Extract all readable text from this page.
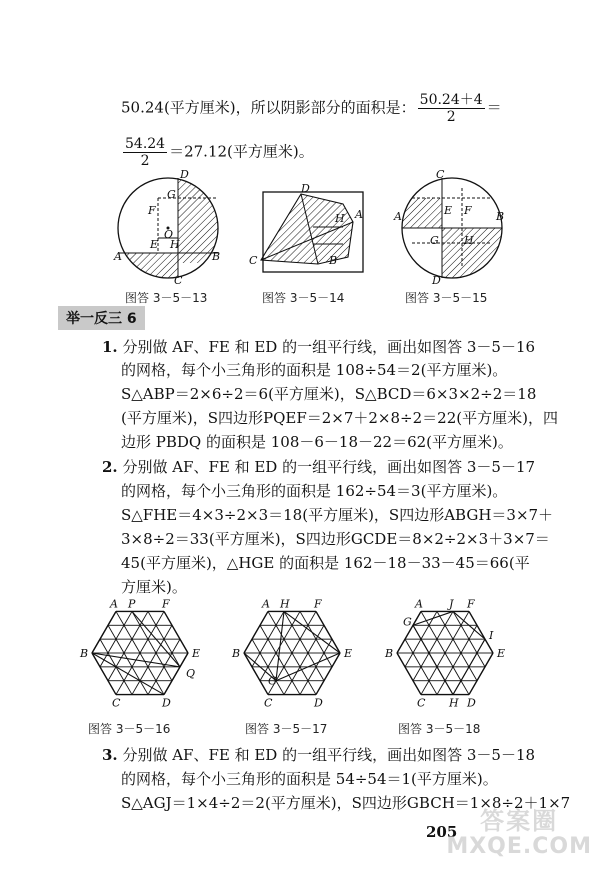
50.24(平方厘米)，所以阴影部分的面积是： $\frac{50.24+4}{2}$ ＝
$\frac{54.24}{2} =27.12$(平方厘米)。
D
F
G
O
E H
A	B
C
图答 3－5－13
D
A
C	B
H
图答 3－5－14
C
A	E F
G H
B
D
图答 3－5－15
举一反三 6
1. 分别做 AF、FE 和 ED 的一组平行线，画出如图答 3－5－16
的网格，每个小三角形的面积是 108÷54＝2(平方厘米)。
S△ABP＝2×6÷2＝6(平方厘米)，S△BCD＝6×3×2÷2＝18
(平方厘米)，S四边形PQEF＝2×7＋2×8÷2＝22(平方厘米)，四
边形 PBDQ 的面积是 108－6－18－22＝62(平方厘米)。
2. 分别做 AF、FE 和 ED 的一组平行线，画出如图答 3－5－17
的网格，每个小三角形的面积是 162÷54＝3(平方厘米)。
S△FHE＝4×3÷2×3＝18(平方厘米)，S四边形ABGH＝3×7＋
3×8÷2＝33(平方厘米)，S四边形GCDE＝8×2÷2×3＋3×7＝
45(平方厘米)，△HGE 的面积是 162－18－33－45＝66(平
方厘米)。
A P F
B	E
Q
C	D
图答 3－5－16
A H F
B	E
G
C	D
图答 3－5－17
A J F
G
I
B	E
C H D
图答 3－5－18
3. 分别做 AF、FE 和 ED 的一组平行线，画出如图答 3－5－18
的网格，每个小三角形的面积是 54÷54＝1(平方厘米)。
S△AGJ＝1×4÷2＝2(平方厘米)，S四边形GBCH＝1×8÷2＋1×7
205 答案圈
MXQE.COM
